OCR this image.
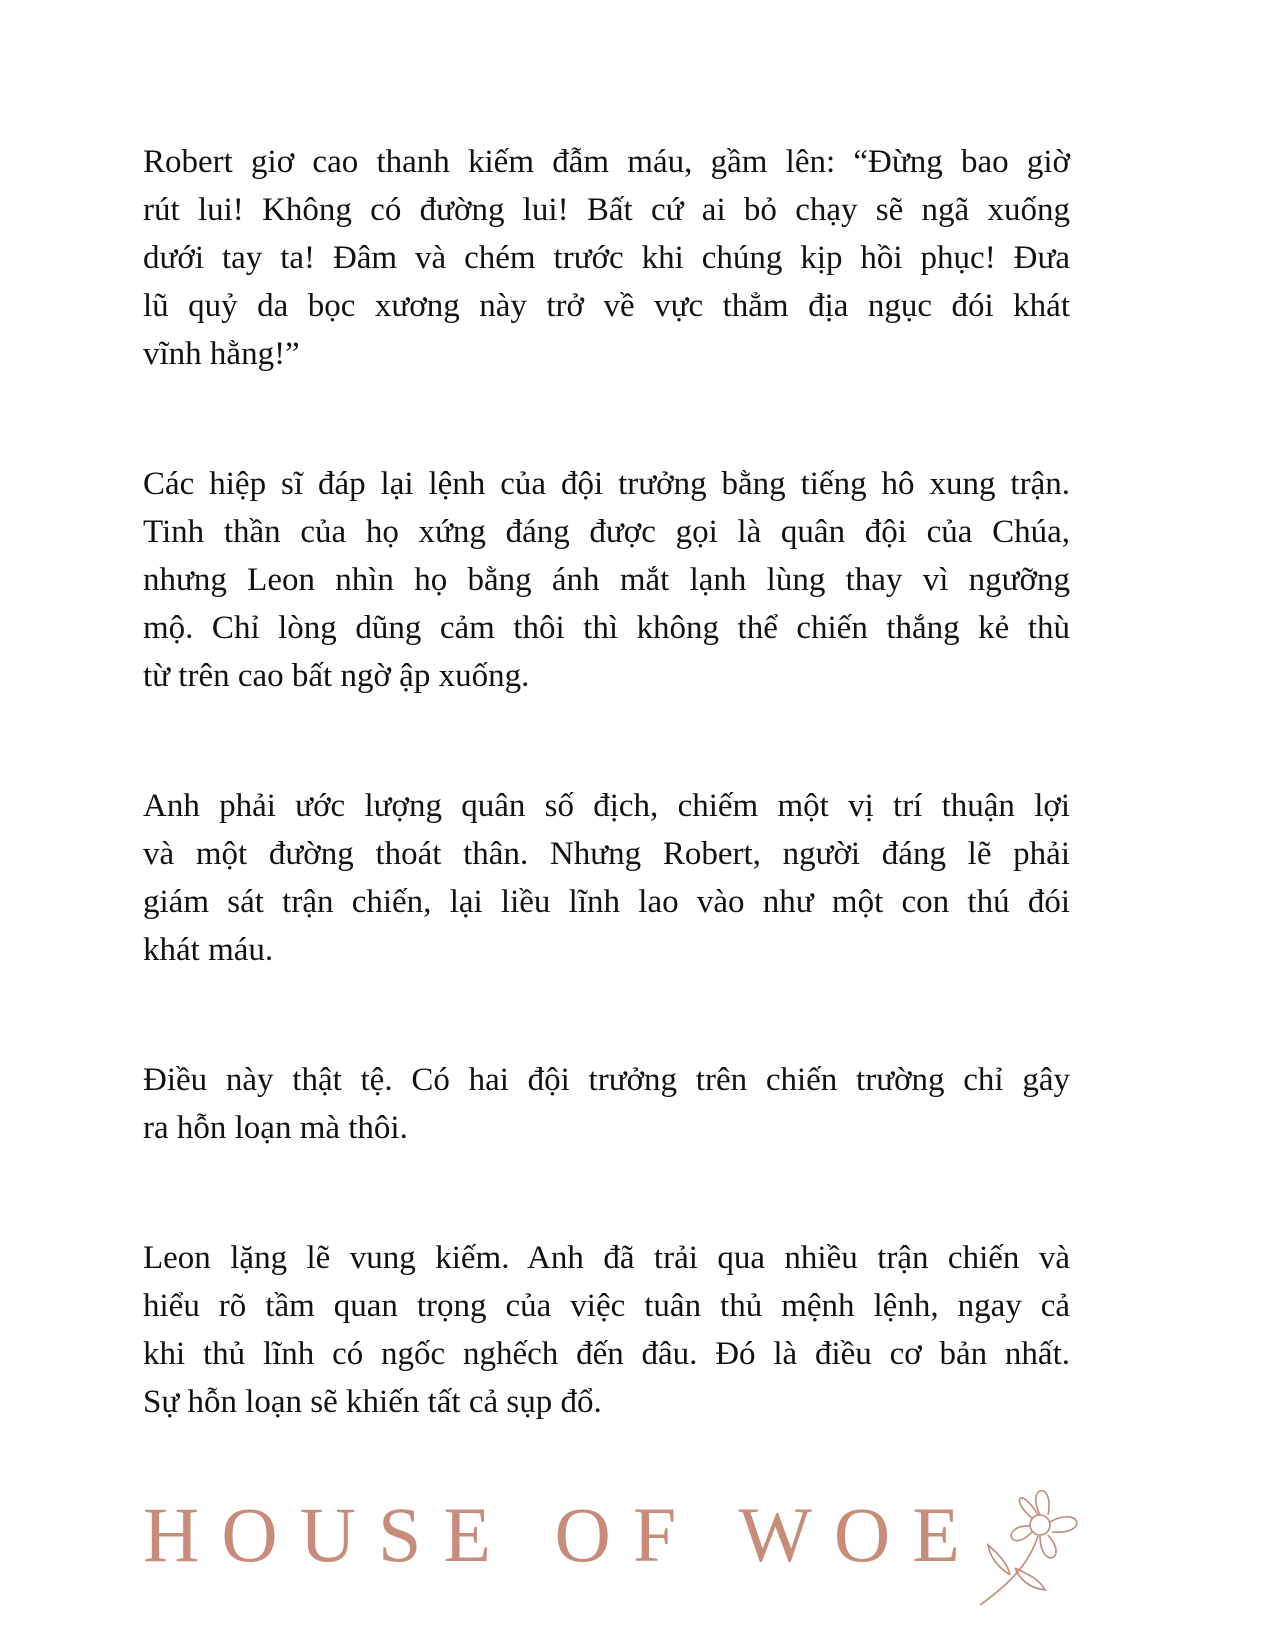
Robert giơ cao thanh kiếm đẫm máu, gầm lên: “Đừng bao giờ
rút lui! Không có đường lui! Bất cứ ai bỏ chạy sẽ ngã xuống
dưới tay ta! Đâm và chém trước khi chúng kịp hồi phục! Đưa
lũ quỷ da bọc xương này trở về vực thẳm địa ngục đói khát
vĩnh hằng!”
Các hiệp sĩ đáp lại lệnh của đội trưởng bằng tiếng hô xung trận.
Tinh thần của họ xứng đáng được gọi là quân đội của Chúa,
nhưng Leon nhìn họ bằng ánh mắt lạnh lùng thay vì ngưỡng
mộ. Chỉ lòng dũng cảm thôi thì không thể chiến thắng kẻ thù
từ trên cao bất ngờ ập xuống.
Anh phải ước lượng quân số địch, chiếm một vị trí thuận lợi
và một đường thoát thân. Nhưng Robert, người đáng lẽ phải
giám sát trận chiến, lại liều lĩnh lao vào như một con thú đói
khát máu.
Điều này thật tệ. Có hai đội trưởng trên chiến trường chỉ gây
ra hỗn loạn mà thôi.
Leon lặng lẽ vung kiếm. Anh đã trải qua nhiều trận chiến và
hiểu rõ tầm quan trọng của việc tuân thủ mệnh lệnh, ngay cả
khi thủ lĩnh có ngốc nghếch đến đâu. Đó là điều cơ bản nhất.
Sự hỗn loạn sẽ khiến tất cả sụp đổ.
HOUSE OF WOE
